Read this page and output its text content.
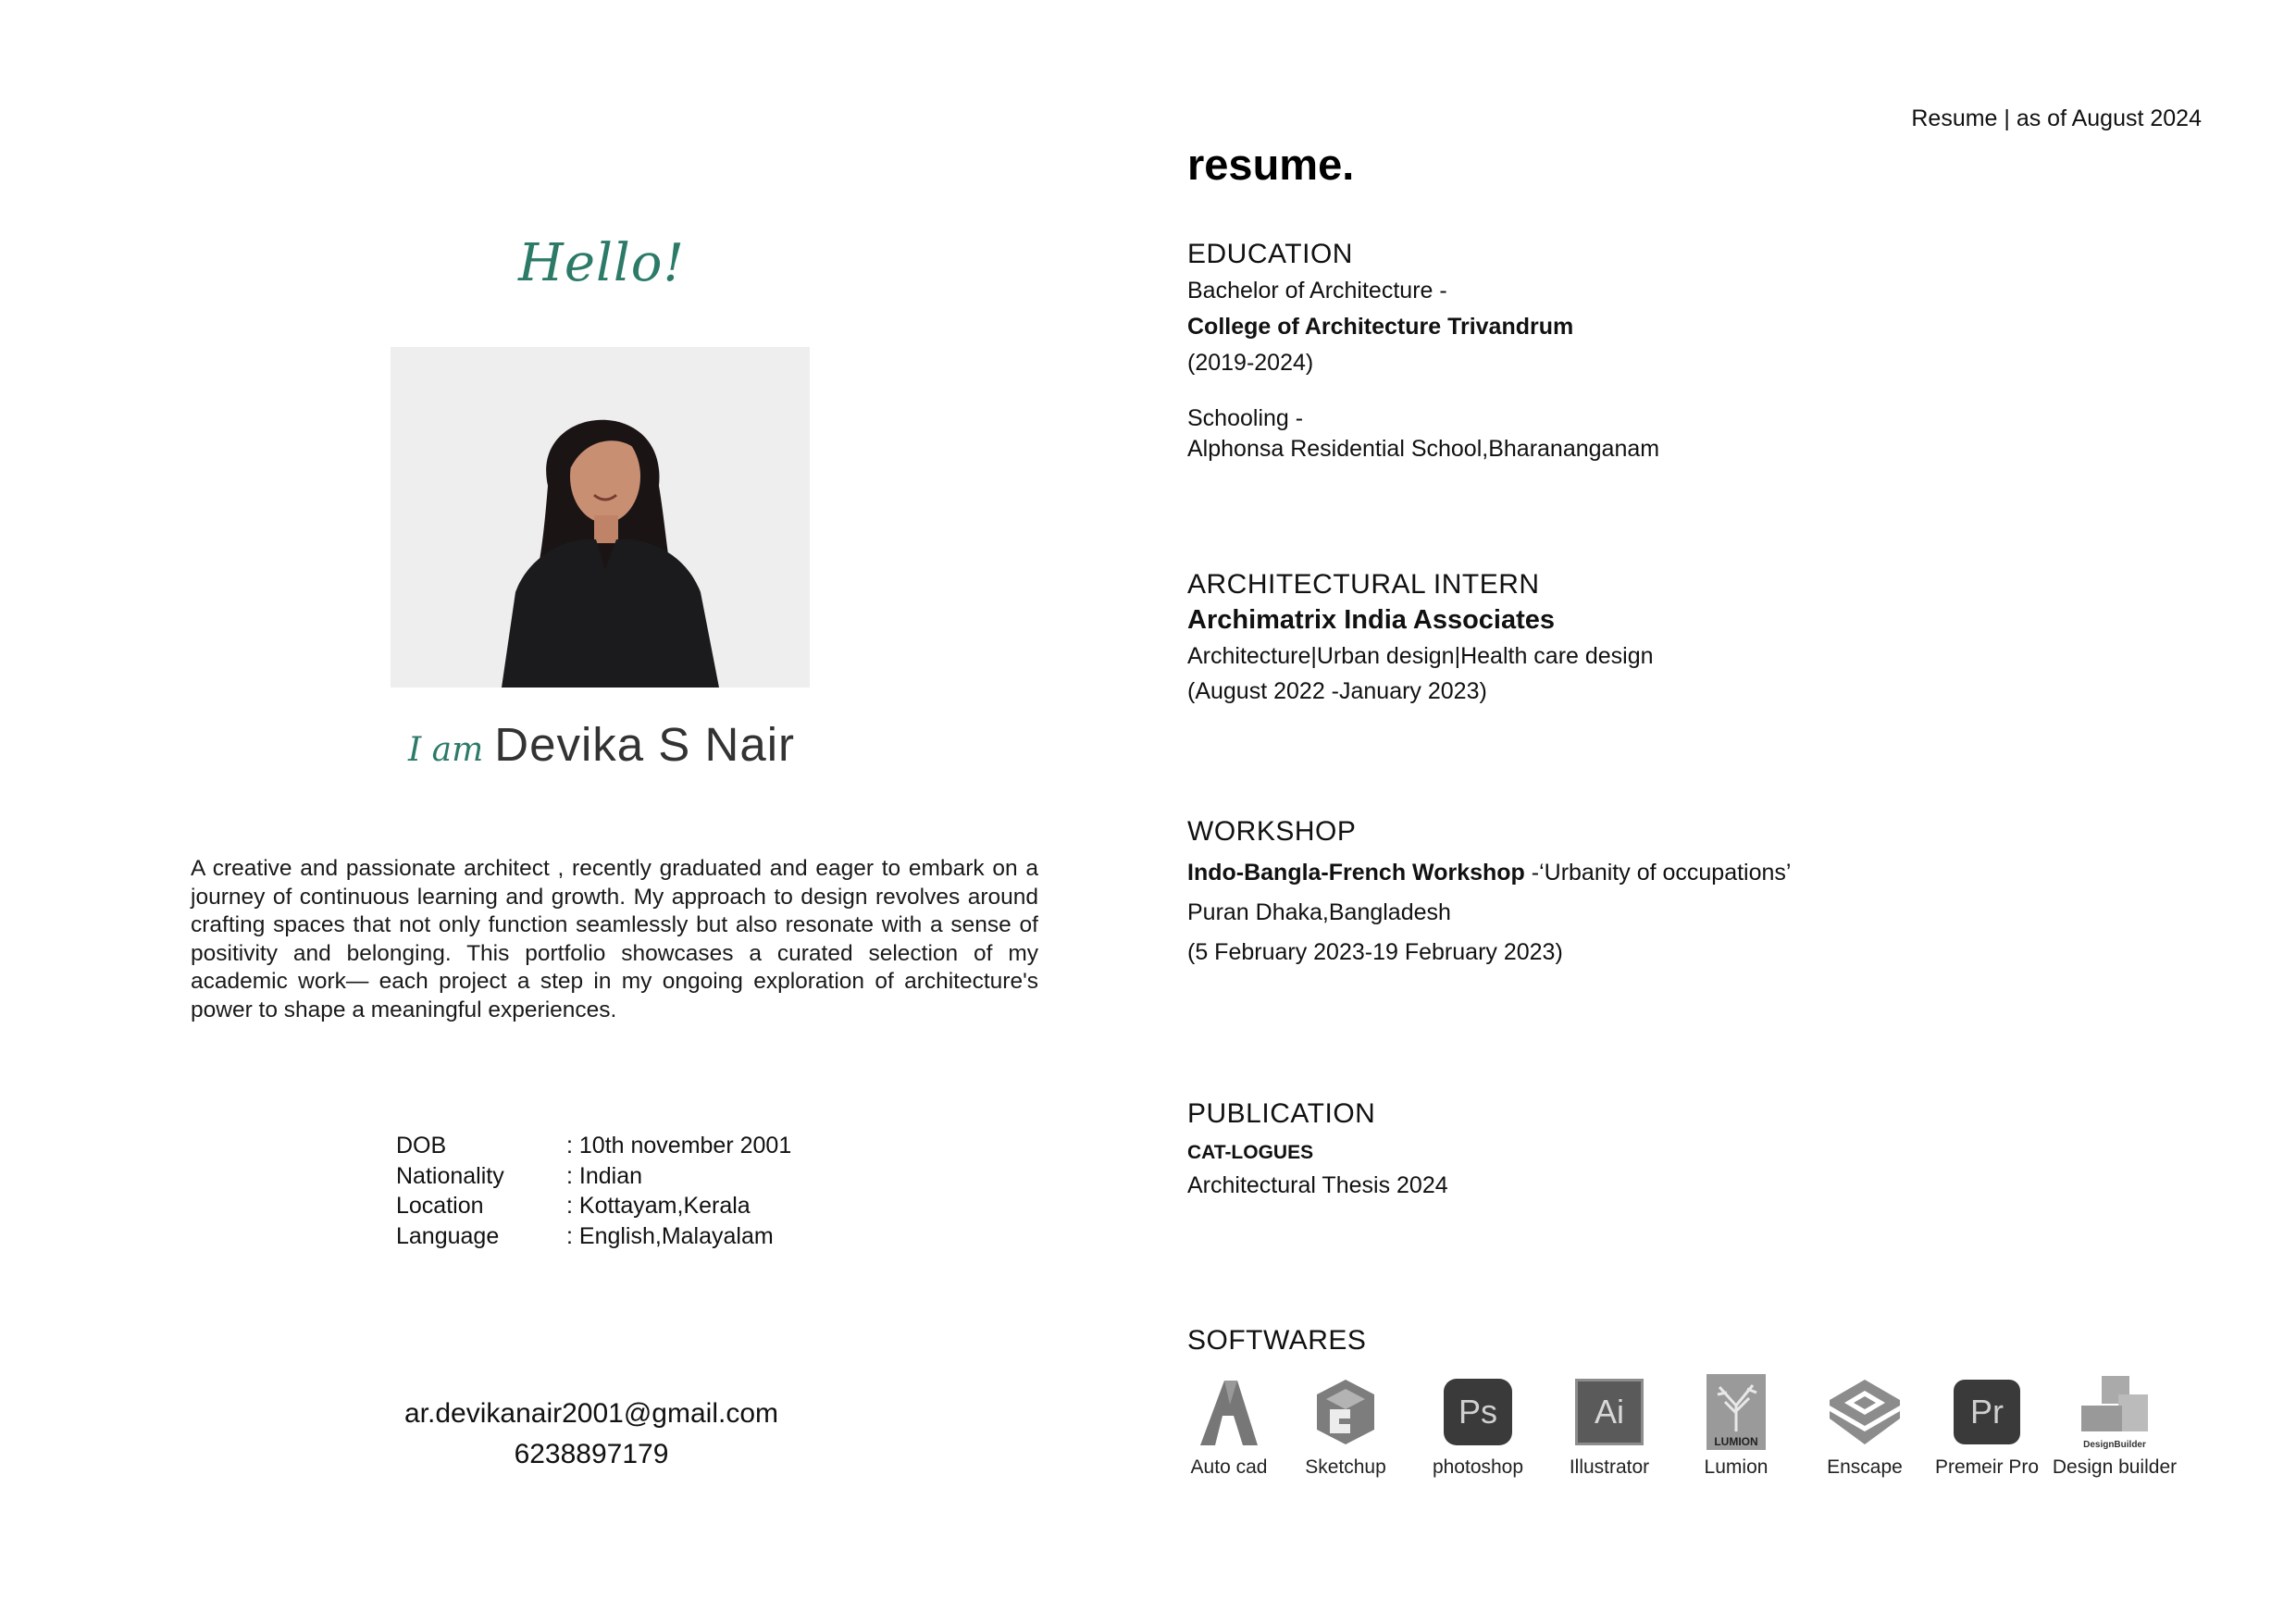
Resume | as of August 2024
Hello!
I am Devika S Nair
A creative and passionate architect , recently graduated and eager to embark on a journey of continuous learning and growth. My approach to design revolves around crafting spaces that not only function seamlessly but also resonate with a sense of positivity and belonging. This portfolio showcases a curated selection of my academic work— each project a step in my ongoing exploration of architecture's power to shape a meaningful experiences.
DOB	: 10th november 2001
Nationality	: Indian
Location	: Kottayam,Kerala
Language	: English,Malayalam
ar.devikanair2001@gmail.com
6238897179
resume.
EDUCATION
Bachelor of Architecture -
College of Architecture Trivandrum
(2019-2024)
Schooling -
Alphonsa Residential School,Bharananganam
ARCHITECTURAL INTERN
Archimatrix India Associates
Architecture|Urban design|Health care design
(August 2022 -January 2023)
WORKSHOP
Indo-Bangla-French Workshop -‘Urbanity of occupations’
Puran Dhaka,Bangladesh
(5 February 2023-19 February 2023)
PUBLICATION
CAT-LOGUES
Architectural Thesis 2024
SOFTWARES
Auto cad Sketchup
Ps
photoshop
Ai
Illustrator
LUMION
Lumion	Enscape
Pr
Premeir Pro
DesignBuilder
Design builder
